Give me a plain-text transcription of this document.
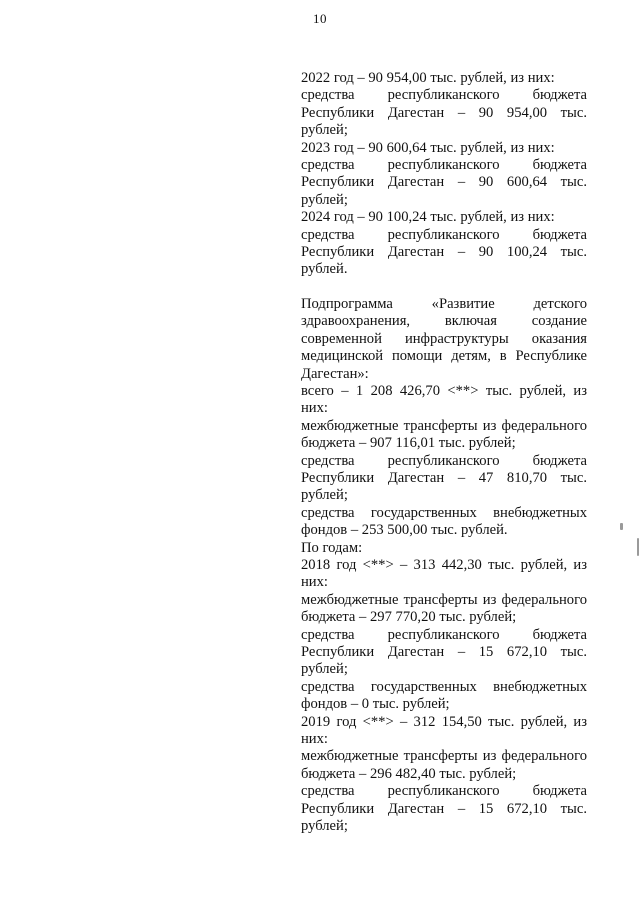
10

2022 год – 90 954,00 тыс. рублей, из них:

средства республиканского бюджета Республики Дагестан – 90 954,00 тыс. рублей;

2023 год – 90 600,64 тыс. рублей, из них:

средства республиканского бюджета Республики Дагестан – 90 600,64 тыс. рублей;

2024 год – 90 100,24 тыс. рублей, из них:

средства республиканского бюджета Республики Дагестан – 90 100,24 тыс. рублей.

Подпрограмма «Развитие детского здравоохранения, включая создание современной инфраструктуры оказания медицинской помощи детям, в Республике Дагестан»:

всего – 1 208 426,70 <**> тыс. рублей, из них:

межбюджетные трансферты из федерального бюджета – 907 116,01 тыс. рублей;

средства республиканского бюджета Республики Дагестан – 47 810,70 тыс. рублей;

средства государственных внебюджетных фондов – 253 500,00 тыс. рублей.

По годам:

2018 год <**> – 313 442,30 тыс. рублей, из них:

межбюджетные трансферты из федерального бюджета – 297 770,20 тыс. рублей;

средства республиканского бюджета Республики Дагестан – 15 672,10 тыс. рублей;

средства государственных внебюджетных фондов – 0 тыс. рублей;

2019 год <**> – 312 154,50 тыс. рублей, из них:

межбюджетные трансферты из федерального бюджета – 296 482,40 тыс. рублей;

средства республиканского бюджета Республики Дагестан – 15 672,10 тыс. рублей;
